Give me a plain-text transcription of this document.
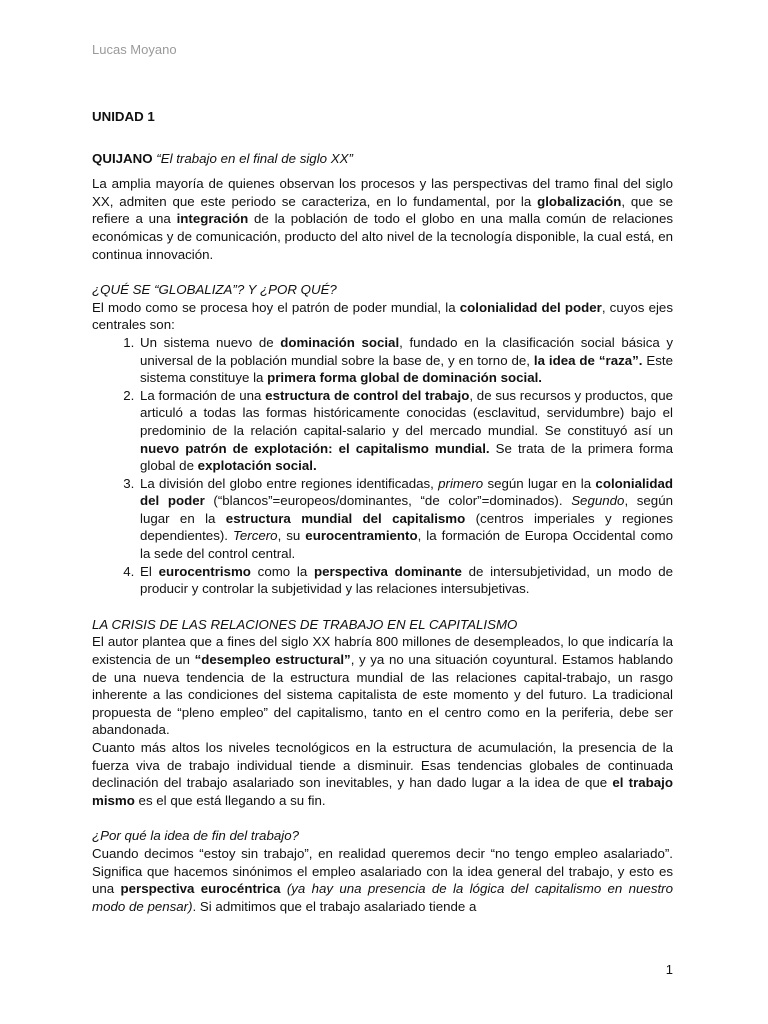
Lucas Moyano
UNIDAD 1
QUIJANO “El trabajo en el final de siglo XX”

La amplia mayoría de quienes observan los procesos y las perspectivas del tramo final del siglo XX, admiten que este periodo se caracteriza, en lo fundamental, por la globalización, que se refiere a una integración de la población de todo el globo en una malla común de relaciones económicas y de comunicación, producto del alto nivel de la tecnología disponible, la cual está, en continua innovación.

¿QUÉ SE “GLOBALIZA”? Y ¿POR QUÉ?

El modo como se procesa hoy el patrón de poder mundial, la colonialidad del poder, cuyos ejes centrales son:

1. Un sistema nuevo de dominación social, fundado en la clasificación social básica y universal de la población mundial sobre la base de, y en torno de, la idea de “raza”. Este sistema constituye la primera forma global de dominación social.
2. La formación de una estructura de control del trabajo, de sus recursos y productos, que articuló a todas las formas históricamente conocidas (esclavitud, servidumbre) bajo el predominio de la relación capital-salario y del mercado mundial. Se constituyó así un nuevo patrón de explotación: el capitalismo mundial. Se trata de la primera forma global de explotación social.
3. La división del globo entre regiones identificadas, primero según lugar en la colonialidad del poder (“blancos”=europeos/dominantes, “de color”=dominados). Segundo, según lugar en la estructura mundial del capitalismo (centros imperiales y regiones dependientes). Tercero, su eurocentramiento, la formación de Europa Occidental como la sede del control central.
4. El eurocentrismo como la perspectiva dominante de intersubjetividad, un modo de producir y controlar la subjetividad y las relaciones intersubjetivas.

LA CRISIS DE LAS RELACIONES DE TRABAJO EN EL CAPITALISMO

El autor plantea que a fines del siglo XX habría 800 millones de desempleados, lo que indicaría la existencia de un “desempleo estructural”, y ya no una situación coyuntural. Estamos hablando de una nueva tendencia de la estructura mundial de las relaciones capital-trabajo, un rasgo inherente a las condiciones del sistema capitalista de este momento y del futuro. La tradicional propuesta de “pleno empleo” del capitalismo, tanto en el centro como en la periferia, debe ser abandonada.

Cuanto más altos los niveles tecnológicos en la estructura de acumulación, la presencia de la fuerza viva de trabajo individual tiende a disminuir. Esas tendencias globales de continuada declinación del trabajo asalariado son inevitables, y han dado lugar a la idea de que el trabajo mismo es el que está llegando a su fin.

¿Por qué la idea de fin del trabajo?

Cuando decimos “estoy sin trabajo”, en realidad queremos decir “no tengo empleo asalariado”. Significa que hacemos sinónimos el empleo asalariado con la idea general del trabajo, y esto es una perspectiva eurocéntrica (ya hay una presencia de la lógica del capitalismo en nuestro modo de pensar). Si admitimos que el trabajo asalariado tiende a

1
